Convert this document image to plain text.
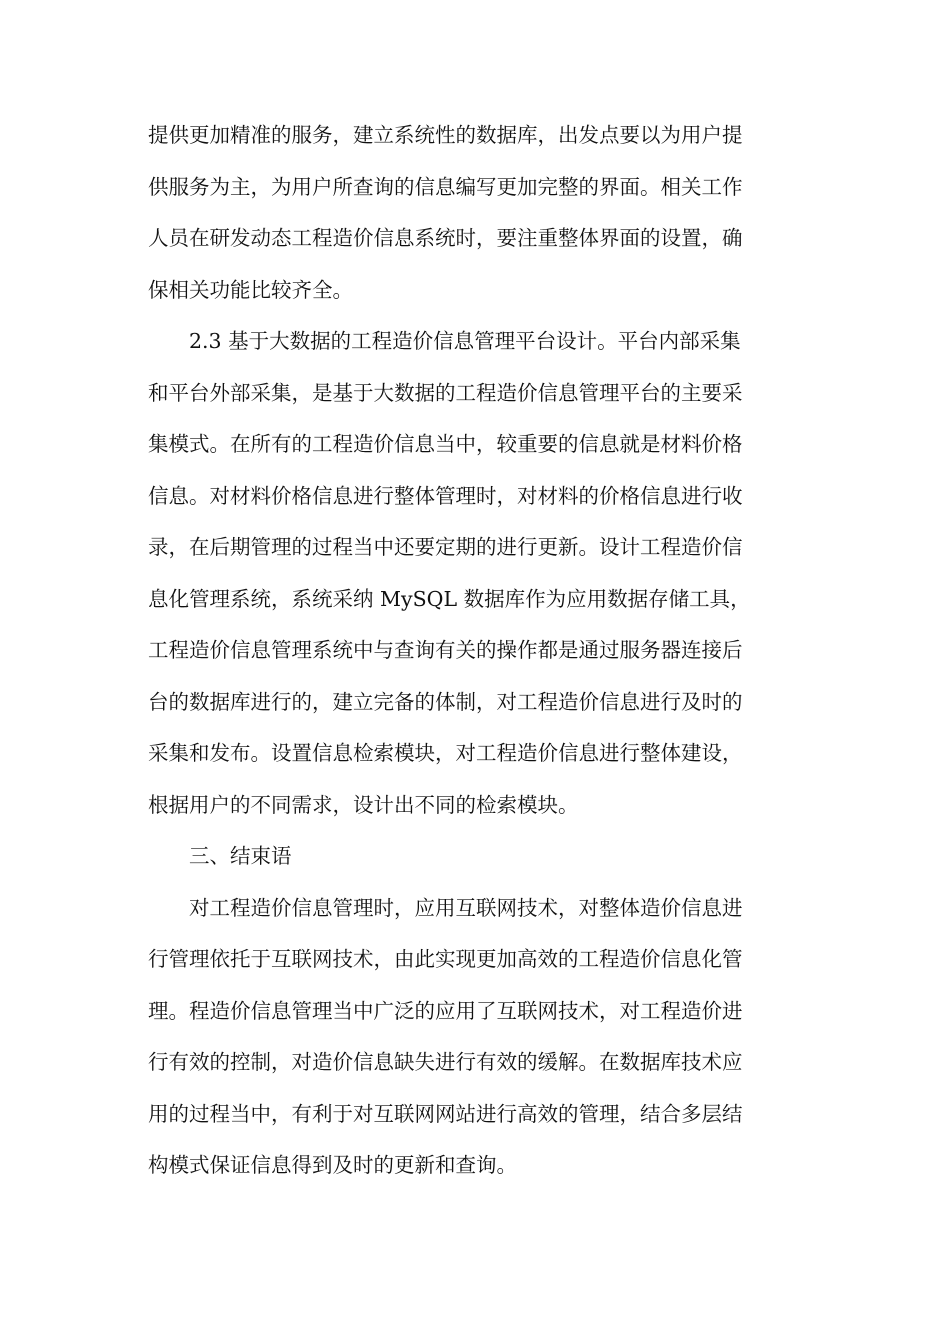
提供更加精准的服务，建立系统性的数据库，出发点要以为用户提
供服务为主，为用户所查询的信息编写更加完整的界面。相关工作
人员在研发动态工程造价信息系统时，要注重整体界面的设置，确
保相关功能比较齐全。
2.3 基于大数据的工程造价信息管理平台设计。平台内部采集
和平台外部采集，是基于大数据的工程造价信息管理平台的主要采
集模式。在所有的工程造价信息当中，较重要的信息就是材料价格
信息。对材料价格信息进行整体管理时，对材料的价格信息进行收
录，在后期管理的过程当中还要定期的进行更新。设计工程造价信
息化管理系统，系统采纳 MySQL 数据库作为应用数据存储工具，
工程造价信息管理系统中与查询有关的操作都是通过服务器连接后
台的数据库进行的，建立完备的体制，对工程造价信息进行及时的
采集和发布。设置信息检索模块，对工程造价信息进行整体建设，
根据用户的不同需求，设计出不同的检索模块。
三、结束语
对工程造价信息管理时，应用互联网技术，对整体造价信息进
行管理依托于互联网技术，由此实现更加高效的工程造价信息化管
理。程造价信息管理当中广泛的应用了互联网技术，对工程造价进
行有效的控制，对造价信息缺失进行有效的缓解。在数据库技术应
用的过程当中，有利于对互联网网站进行高效的管理，结合多层结
构模式保证信息得到及时的更新和查询。
